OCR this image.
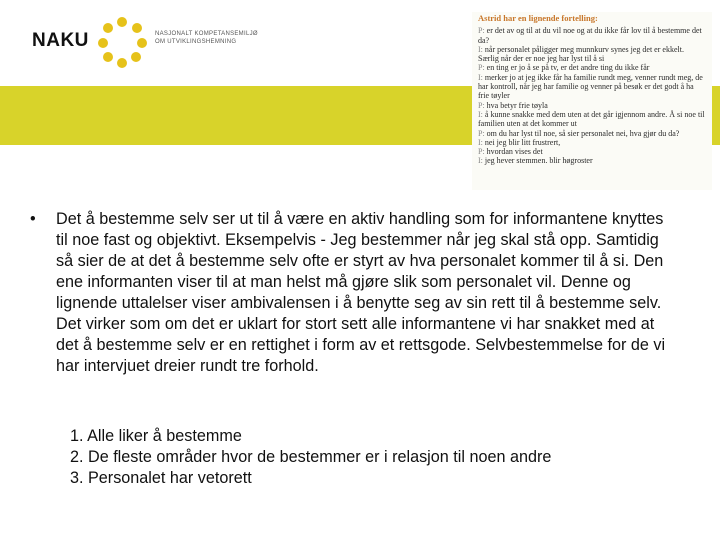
NAKU	NASJONALT KOMPETANSEMILJØ
OM UTVIKLINGSHEMNING
Astrid har en lignende fortelling:
P: er det av og til at du vil noe og at du ikke får lov til å bestemme det da?
I: når personalet påligger meg munnkurv synes jeg det er ekkelt. Særlig når der er noe jeg har lyst til å si
P: en ting er jo å se på tv, er det andre ting du ikke får
I: merker jo at jeg ikke får ha familie rundt meg, venner rundt meg, de har kontroll, når jeg har familie og venner på besøk er det godt å ha frie tøyler
P: hva betyr frie tøyla
I: å kunne snakke med dem uten at det går igjennom andre. Å si noe til familien uten at det kommer ut
P: om du har lyst til noe, så sier personalet nei, hva gjør du da?
I: nei jeg blir litt frustrert,
P: hvordan vises det
I: jeg hever stemmen. blir høgroster
• Det å bestemme selv ser ut til å være en aktiv handling som for informantene knyttes til noe fast og objektivt. Eksempelvis - Jeg bestemmer når jeg skal stå opp. Samtidig så sier de at det å bestemme selv ofte er styrt av hva personalet kommer til å si. Den ene informanten viser til at man helst må gjøre slik som personalet vil. Denne og lignende uttalelser viser ambivalensen i å benytte seg av sin rett til å bestemme selv. Det virker som om det er uklart for stort sett alle informantene vi har snakket med at det å bestemme selv er en rettighet i form av et rettsgode. Selvbestemmelse for de vi har intervjuet dreier rundt tre forhold.
1. Alle liker å bestemme
2. De fleste områder hvor de bestemmer er i relasjon til noen andre
3. Personalet har vetorett
